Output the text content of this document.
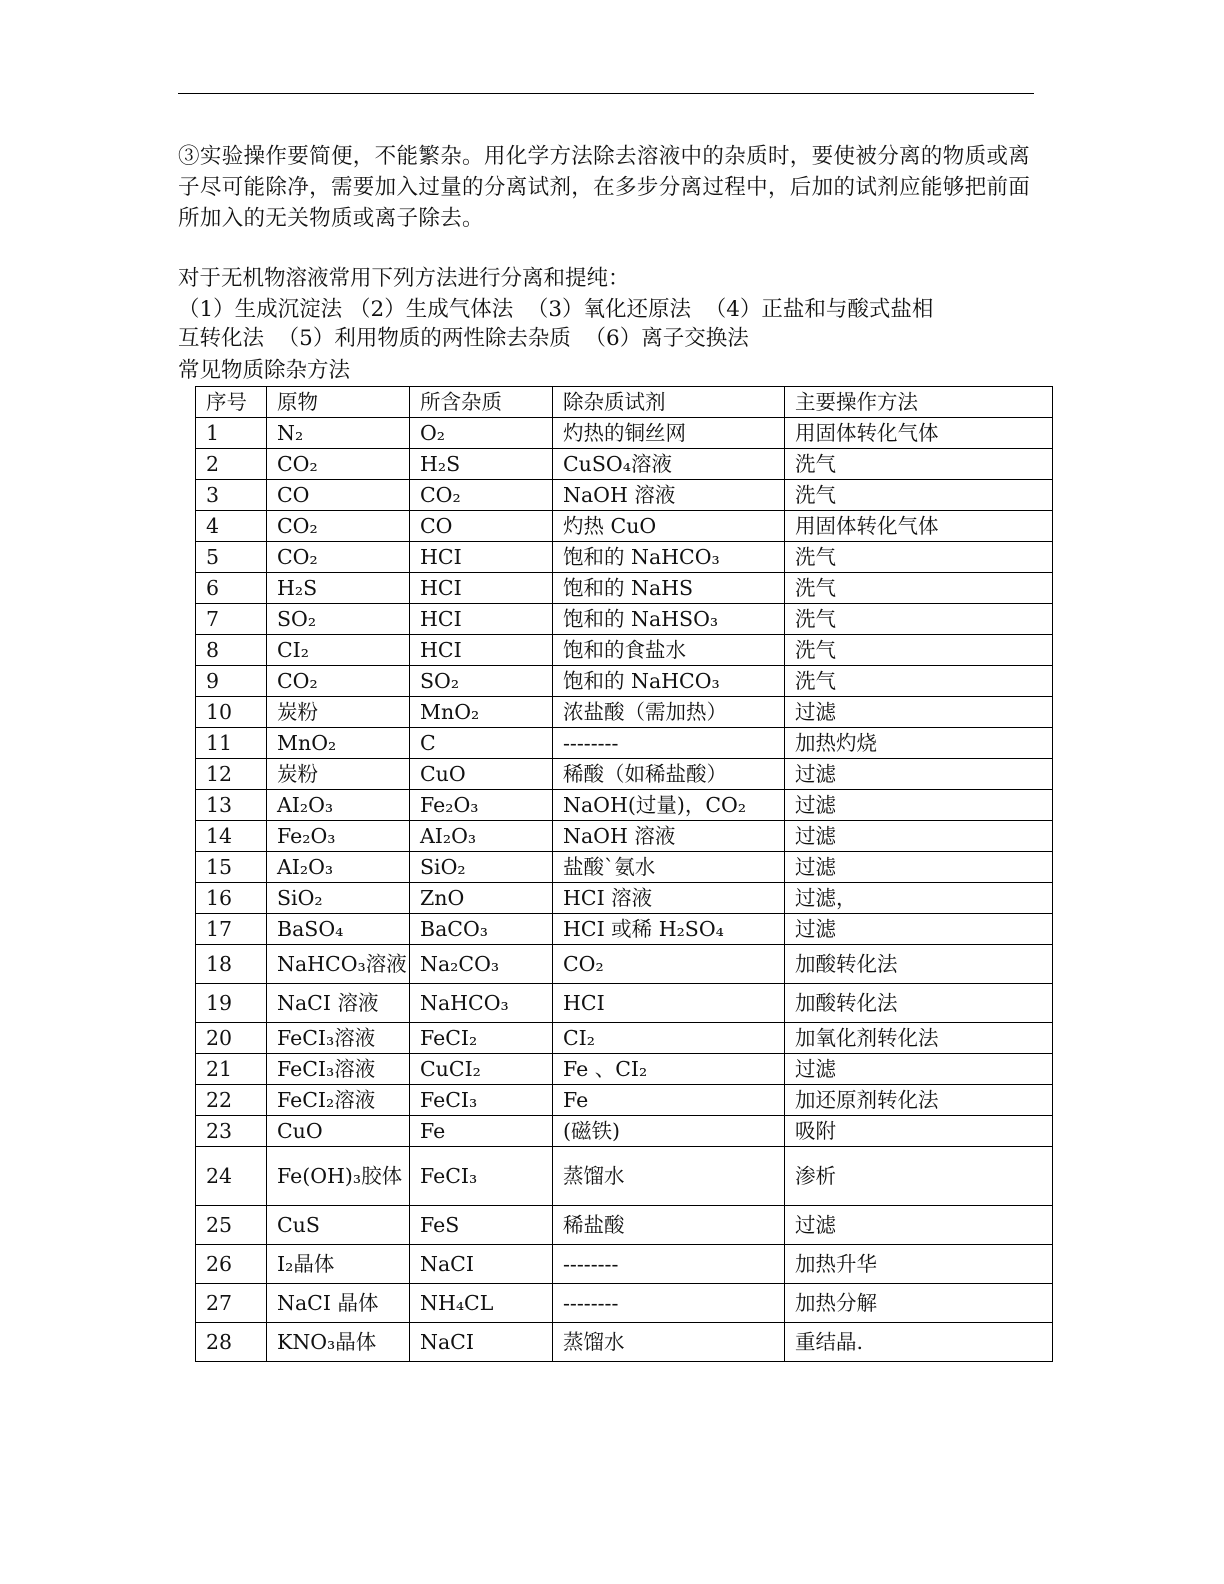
③实验操作要简便，不能繁杂。用化学方法除去溶液中的杂质时，要使被分离的物质或离子尽可能除净，需要加入过量的分离试剂，在多步分离过程中，后加的试剂应能够把前面所加入的无关物质或离子除去。

对于无机物溶液常用下列方法进行分离和提纯：

（1）生成沉淀法 （2）生成气体法  （3）氧化还原法  （4）正盐和与酸式盐相

互转化法  （5）利用物质的两性除去杂质  （6）离子交换法

常见物质除杂方法

序号	原物	所含杂质	除杂质试剂	主要操作方法
1	N₂	O₂	灼热的铜丝网	用固体转化气体
2	CO₂	H₂S	CuSO₄溶液	洗气
3	CO	CO₂	NaOH 溶液	洗气
4	CO₂	CO	灼热 CuO	用固体转化气体
5	CO₂	HCI	饱和的 NaHCO₃	洗气
6	H₂S	HCI	饱和的 NaHS	洗气
7	SO₂	HCI	饱和的 NaHSO₃	洗气
8	CI₂	HCI	饱和的食盐水	洗气
9	CO₂	SO₂	饱和的 NaHCO₃	洗气
10	炭粉	MnO₂	浓盐酸（需加热）	过滤
11	MnO₂	C	--------	加热灼烧
12	炭粉	CuO	稀酸（如稀盐酸）	过滤
13	AI₂O₃	Fe₂O₃	NaOH(过量)，CO₂	过滤
14	Fe₂O₃	AI₂O₃	NaOH 溶液	过滤
15	AI₂O₃	SiO₂	盐酸`氨水	过滤
16	SiO₂	ZnO	HCI 溶液	过滤，
17	BaSO₄	BaCO₃	HCI 或稀 H₂SO₄	过滤
18	NaHCO₃溶液	Na₂CO₃	CO₂	加酸转化法
19	NaCI 溶液	NaHCO₃	HCI	加酸转化法
20	FeCI₃溶液	FeCI₂	CI₂	加氧化剂转化法
21	FeCI₃溶液	CuCI₂	Fe 、CI₂	过滤
22	FeCI₂溶液	FeCI₃	Fe	加还原剂转化法
23	CuO	Fe	(磁铁)	吸附
24	Fe(OH)₃胶体	FeCI₃	蒸馏水	渗析
25	CuS	FeS	稀盐酸	过滤
26	I₂晶体	NaCI	--------	加热升华
27	NaCI 晶体	NH₄CL	--------	加热分解
28	KNO₃晶体	NaCI	蒸馏水	重结晶.
